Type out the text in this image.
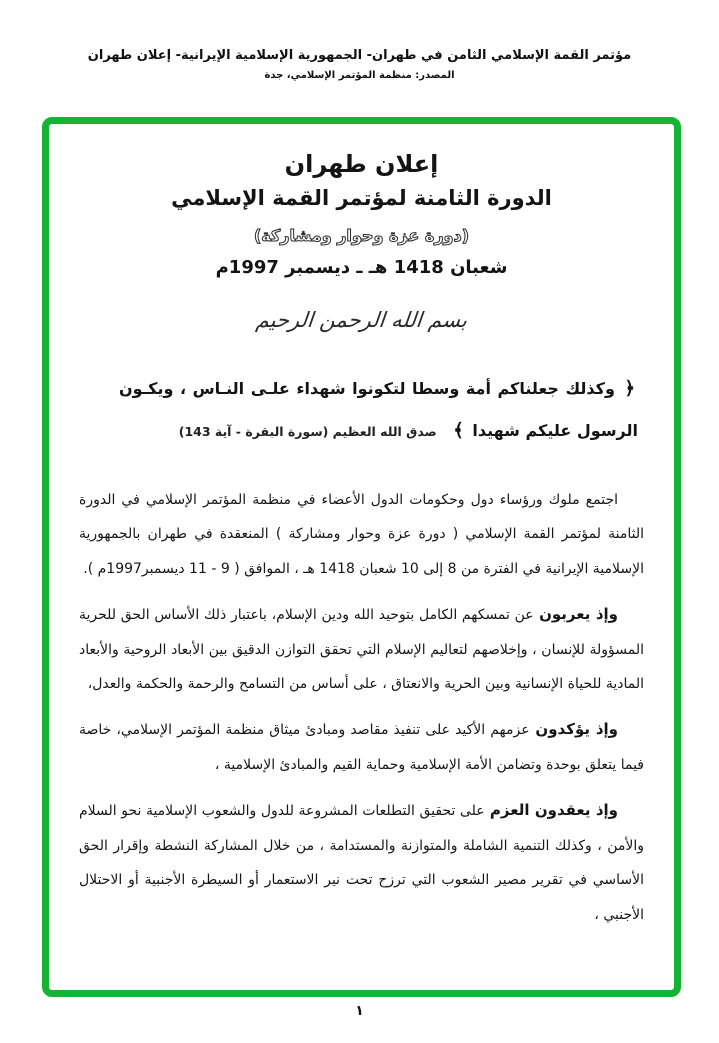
مؤتمر القمة الإسلامي الثامن في طهران- الجمهورية الإسلامية الإيرانية- إعلان طهران
المصدر: منظمة المؤتمر الإسلامي، جدة
إعلان طهران
الدورة الثامنة لمؤتمر القمة الإسلامي
(دورة عزة وحوار ومشاركة)
شعبان 1418 هـ ـ ديسمبر 1997م
بسم الله الرحمن الرحيم

﴿ وكذلك جعلناكم أمة وسطا لتكونوا شهداء علـى النـاس ، ويكـون الرسول عليكم شهيدا ﴾ صدق الله العظيم (سورة البقرة - آية 143)

اجتمع ملوك ورؤساء دول وحكومات الدول الأعضاء في منظمة المؤتمر الإسلامي في الدورة الثامنة لمؤتمر القمة الإسلامي ( دورة عزة وحوار ومشاركة ) المنعقدة في طهران بالجمهورية الإسلامية الإيرانية في الفترة من 8 إلى 10 شعبان 1418 هـ ، الموافق ( 9 - 11 ديسمبر1997م ).

وإذ يعربون عن تمسكهم الكامل بتوحيد الله ودين الإسلام، باعتبار ذلك الأساس الحق للحرية المسؤولة للإنسان ، وإخلاصهم لتعاليم الإسلام التي تحقق التوازن الدقيق بين الأبعاد الروحية والأبعاد المادية للحياة الإنسانية وبين الحرية والانعتاق ، على أساس من التسامح والرحمة والحكمة والعدل،

وإذ يؤكدون عزمهم الأكيد على تنفيذ مقاصد ومبادئ ميثاق منظمة المؤتمر الإسلامي، خاصة فيما يتعلق بوحدة وتضامن الأمة الإسلامية وحماية القيم والمبادئ الإسلامية ،

وإذ يعقدون العزم على تحقيق التطلعات المشروعة للدول والشعوب الإسلامية نحو السلام والأمن ، وكذلك التنمية الشاملة والمتوازنة والمستدامة ، من خلال المشاركة النشطة وإقرار الحق الأساسي في تقرير مصير الشعوب التي ترزح تحت نير الاستعمار أو السيطرة الأجنبية أو الاحتلال الأجنبي ،

١
